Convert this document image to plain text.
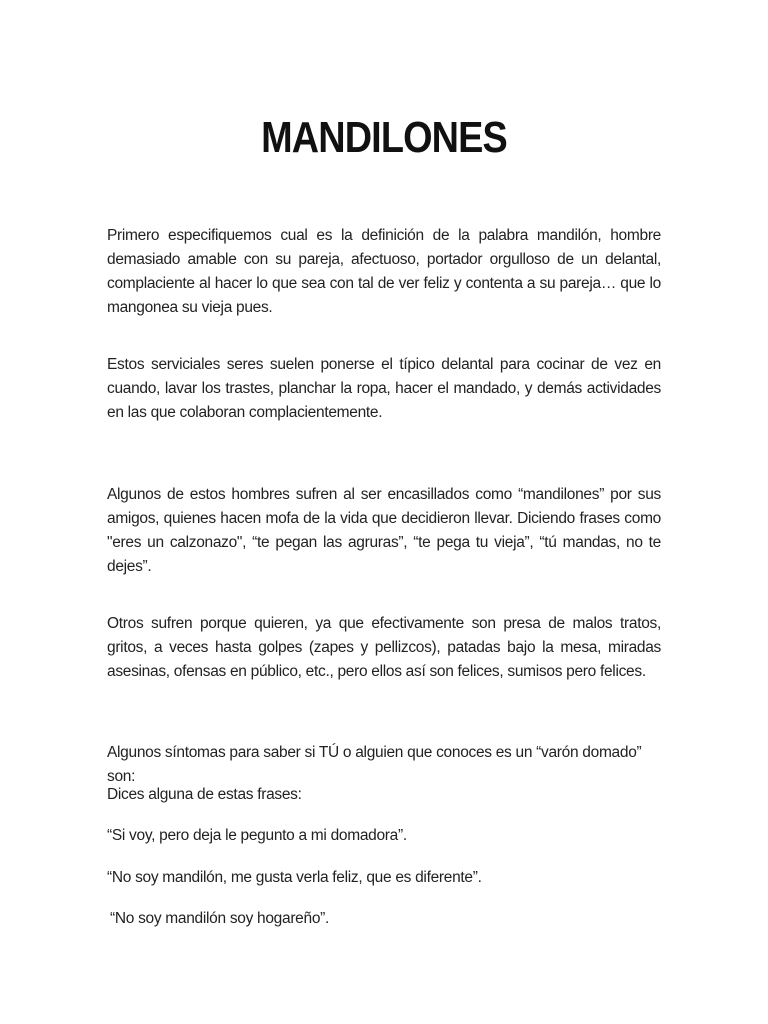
MANDILONES

Primero especifiquemos cual es la definición de la palabra mandilón, hombre demasiado amable con su pareja, afectuoso, portador orgulloso de un delantal, complaciente al hacer lo que sea con tal de ver feliz y contenta a su pareja… que lo mangonea su vieja pues.

Estos serviciales seres suelen ponerse el típico delantal para cocinar de vez en cuando, lavar los trastes, planchar la ropa, hacer el mandado, y demás actividades en las que colaboran complacientemente.

Algunos de estos hombres sufren al ser encasillados como “mandilones” por sus amigos, quienes hacen mofa de la vida que decidieron llevar. Diciendo frases como "eres un calzonazo", “te pegan las agruras”, “te pega tu vieja”, “tú mandas, no te dejes”.

Otros sufren porque quieren, ya que efectivamente son presa de malos tratos, gritos, a veces hasta golpes (zapes y pellizcos), patadas bajo la mesa, miradas asesinas, ofensas en público, etc., pero ellos así son felices, sumisos pero felices.

Algunos síntomas para saber si TÚ o alguien que conoces es un “varón domado” son:

Dices alguna de estas frases:

“Si voy, pero deja le pegunto a mi domadora”.

“No soy mandilón, me gusta verla feliz, que es diferente”.

“No soy mandilón soy hogareño”.
